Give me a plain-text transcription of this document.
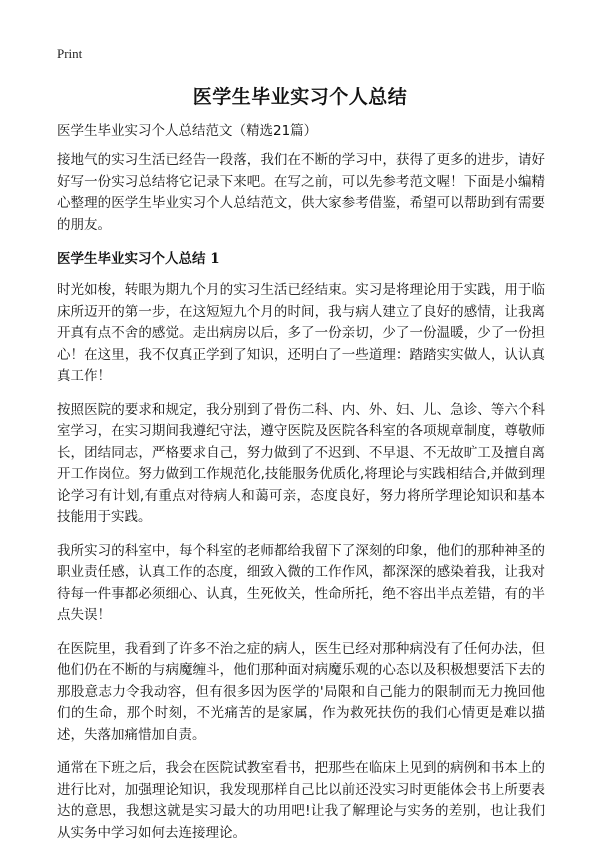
Print
医学生毕业实习个人总结

医学生毕业实习个人总结范文（精选21篇）

接地气的实习生活已经告一段落，我们在不断的学习中，获得了更多的进步，请好好写一份实习总结将它记录下来吧。在写之前，可以先参考范文喔！下面是小编精心整理的医学生毕业实习个人总结范文，供大家参考借鉴，希望可以帮助到有需要的朋友。

医学生毕业实习个人总结 1

时光如梭，转眼为期九个月的实习生活已经结束。实习是将理论用于实践，用于临床所迈开的第一步，在这短短九个月的时间，我与病人建立了良好的感情，让我离开真有点不舍的感觉。走出病房以后，多了一份亲切，少了一份温暖，少了一份担心！在这里，我不仅真正学到了知识，还明白了一些道理：踏踏实实做人，认认真真工作！

按照医院的要求和规定，我分别到了骨伤二科、内、外、妇、儿、急诊、等六个科室学习，在实习期间我遵纪守法，遵守医院及医院各科室的各项规章制度，尊敬师长，团结同志，严格要求自己，努力做到了不迟到、不早退、不无故旷工及擅自离开工作岗位。努力做到工作规范化,技能服务优质化,将理论与实践相结合,并做到理论学习有计划,有重点对待病人和蔼可亲，态度良好，努力将所学理论知识和基本技能用于实践。

我所实习的科室中，每个科室的老师都给我留下了深刻的印象，他们的那种神圣的职业责任感，认真工作的态度，细致入微的工作作风，都深深的感染着我，让我对待每一件事都必须细心、认真，生死攸关，性命所托，绝不容出半点差错，有的半点失误！

在医院里，我看到了许多不治之症的病人，医生已经对那种病没有了任何办法，但他们仍在不断的与病魔缠斗，他们那种面对病魔乐观的心态以及积极想要活下去的那股意志力令我动容，但有很多因为医学的'局限和自己能力的限制而无力挽回他们的生命，那个时刻，不光痛苦的是家属，作为救死扶伤的我们心情更是难以描述，失落加痛惜加自责。

通常在下班之后，我会在医院试教室看书，把那些在临床上见到的病例和书本上的进行比对，加强理论知识，我发现那样自己比以前还没实习时更能体会书上所要表达的意思，我想这就是实习最大的功用吧!让我了解理论与实务的差别，也让我们从实务中学习如何去连接理论。
